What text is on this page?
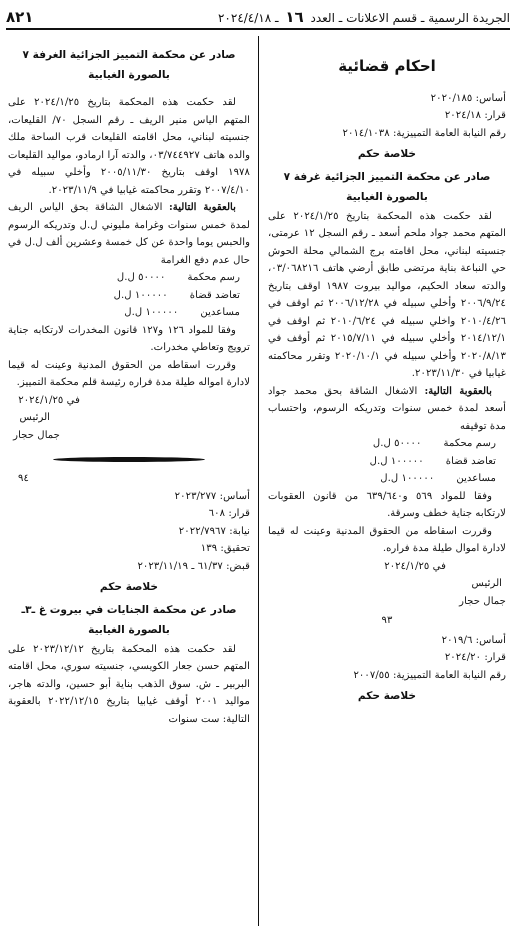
٨٢١	الجريدة الرسمية ـ قسم الاعلانات ـ العدد ١٦ ـ ٢٠٢٤/٤/١٨
احكام قضائية

أساس: ٢٠٢٠/١٨٥

قرار: ٢٠٢٤/١٨

رقم النيابة العامة التمييزية: ٢٠١٤/١٠٣٨

خلاصة حكم
صادر عن محكمة التمييز الجزائية غرفة ٧
بالصورة الغيابية

لقد حكمت هذه المحكمة بتاريخ ٢٠٢٤/١/٢٥ على المتهم محمد جواد ملحم أسعد ـ رقم السجل ١٢ عرمتى، جنسيته لبناني، محل اقامته برج الشمالي محلة الحوش حي النباعة بناية مرتضى طابق أرضي هاتف ٠٣/٠٦٨٢١٦، والدته سعاد الحكيم، مواليد بيروت ١٩٨٧ اوقف بتاريخ ٢٠٠٦/٩/٢٤ وأخلي سبيله في ٢٠٠٦/١٢/٢٨ ثم اوقف في ٢٠١٠/٤/٢٦ واخلي سبيله في ٢٠١٠/٦/٢٤ ثم اوقف في ٢٠١٤/١٢/١ وأخلي سبيله في ٢٠١٥/٧/١١ ثم أوقف في ٢٠٢٠/٨/١٣ وأخلي سبيله في ٢٠٢٠/١٠/١ وتقرر محاكمته غيابيا في ٢٠٢٣/١١/٣٠.

بالعقوبة التالية: الاشغال الشاقة بحق محمد جواد أسعد لمدة خمس سنوات وتدريكه الرسوم، واحتساب مدة توقيفه

رسم محكمة
٥٠٠٠٠ ل.ل
تعاضد قضاة
١٠٠٠٠٠ ل.ل
مساعدين
١٠٠٠٠٠ ل.ل

وفقا للمواد ٥٦٩ و٦٣٩/٦٤٠ من قانون العقوبات لارتكابه جناية خطف وسرقة.

وقررت اسقاطه من الحقوق المدنية وعينت له قيما لادارة اموال طيلة مدة فراره.

في ٢٠٢٤/١/٢٥

الرئيس

جمال حجار

٩٣

أساس: ٢٠١٩/٦

قرار: ٢٠٢٤/٢٠

رقم النيابة العامة التمييزية: ٢٠٠٧/٥٥

خلاصة حكم
صادر عن محكمة التمييز الجزائية الغرفة ٧
بالصورة الغيابية

لقد حكمت هذه المحكمة بتاريخ ٢٠٢٤/١/٢٥ على المتهم الياس منير الريف ـ رقم السجل ٧٠/ القليعات، جنسيته لبناني، محل اقامته القليعات قرب الساحة ملك والده هاتف ٠٣/٧٤٤٩٢٧، والدته آرا ارمادو، مواليد القليعات ١٩٧٨ اوقف بتاريخ ٢٠٠٥/١١/٣٠ وأخلي سبيله في ٢٠٠٧/٤/١٠ وتقرر محاكمته غيابيا في ٢٠٢٣/١١/٩.

بالعقوبة التالية: الاشغال الشاقة بحق الياس الريف لمدة خمس سنوات وغرامة مليوني ل.ل وتدريكه الرسوم والحبس يوما واحدة عن كل خمسة وعشرين ألف ل.ل في حال عدم دفع الغرامة

رسم محكمة
٥٠٠٠٠ ل.ل
تعاضد قضاة
١٠٠٠٠٠ ل.ل
مساعدين
١٠٠٠٠٠ ل.ل

وفقا للمواد ١٢٦ و١٢٧ قانون المخدرات لارتكابه جناية ترويج وتعاطي مخدرات.

وقررت اسقاطه من الحقوق المدنية وعينت له قيما لادارة امواله طيلة مدة فراره رئيسة قلم محكمة التمييز.

في ٢٠٢٤/١/٢٥

الرئيس

جمال حجار

٩٤

أساس: ٢٠٢٣/٢٧٧

قرار: ٦٠٨

نيابة: ٢٠٢٢/٧٩٦٧

تحقيق: ١٣٩

قبض: ٦١/٣٧ ـ ٢٠٢٣/١١/١٩

خلاصة حكم
صادر عن محكمة الجنايات في بيروت غ ـ٣ـ
بالصورة الغيابية

لقد حكمت هذه المحكمة بتاريخ ٢٠٢٣/١٢/١٢ على المتهم حسن جعار الكويسي، جنسيته سوري، محل اقامته البربير ـ ش. سوق الذهب بناية أبو حسين، والدته هاجر، مواليد ٢٠٠١ أوقف غيابيا بتاريخ ٢٠٢٢/١٢/١٥ بالعقوبة التالية: ست سنوات
